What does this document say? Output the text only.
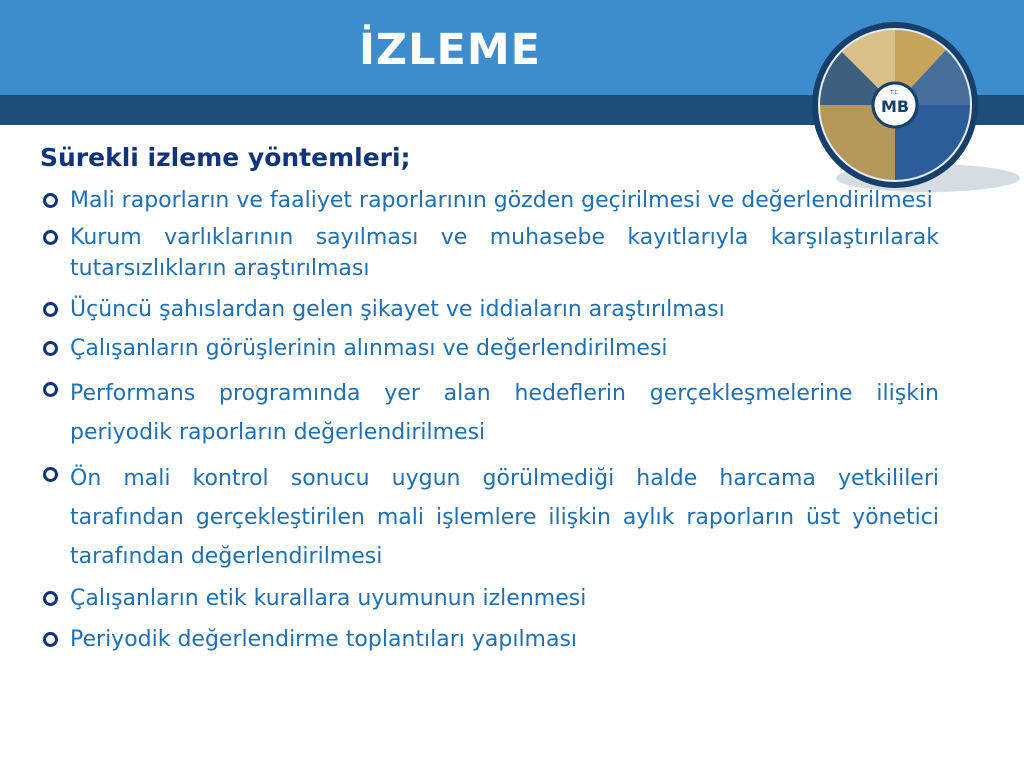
İZLEME
T.C.
MB
Sürekli izleme yöntemleri;
Mali raporların ve faaliyet raporlarının gözden geçirilmesi ve değerlendirilmesi
Kurum varlıklarının sayılması ve muhasebe kayıtlarıyla karşılaştırılarak tutarsızlıkların araştırılması
Üçüncü şahıslardan gelen şikayet ve iddiaların araştırılması
Çalışanların görüşlerinin alınması ve değerlendirilmesi
Performans programında yer alan hedeflerin gerçekleşmelerine ilişkin periyodik raporların değerlendirilmesi
Ön mali kontrol sonucu uygun görülmediği halde harcama yetkilileri tarafından gerçekleştirilen mali işlemlere ilişkin aylık raporların üst yönetici tarafından değerlendirilmesi
Çalışanların etik kurallara uyumunun izlenmesi
Periyodik değerlendirme toplantıları yapılması
